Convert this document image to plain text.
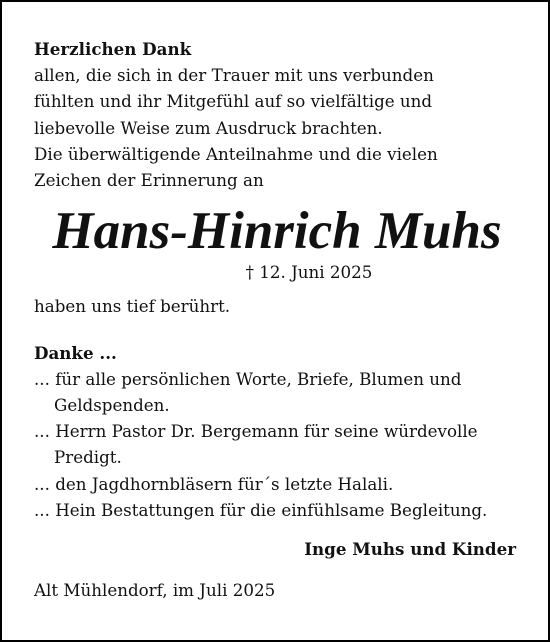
Herzlichen Dank
allen, die sich in der Trauer mit uns verbunden
fühlten und ihr Mitgefühl auf so vielfältige und
liebevolle Weise zum Ausdruck brachten.
Die überwältigende Anteilnahme und die vielen
Zeichen der Erinnerung an
Hans-Hinrich Muhs
† 12. Juni 2025
haben uns tief berührt.
Danke ...
... für alle persönlichen Worte, Briefe, Blumen und Geldspenden.
... Herrn Pastor Dr. Bergemann für seine würdevolle Predigt.
... den Jagdhornbläsern für´s letzte Halali.
... Hein Bestattungen für die einfühlsame Begleitung.
Inge Muhs und Kinder
Alt Mühlendorf, im Juli 2025
